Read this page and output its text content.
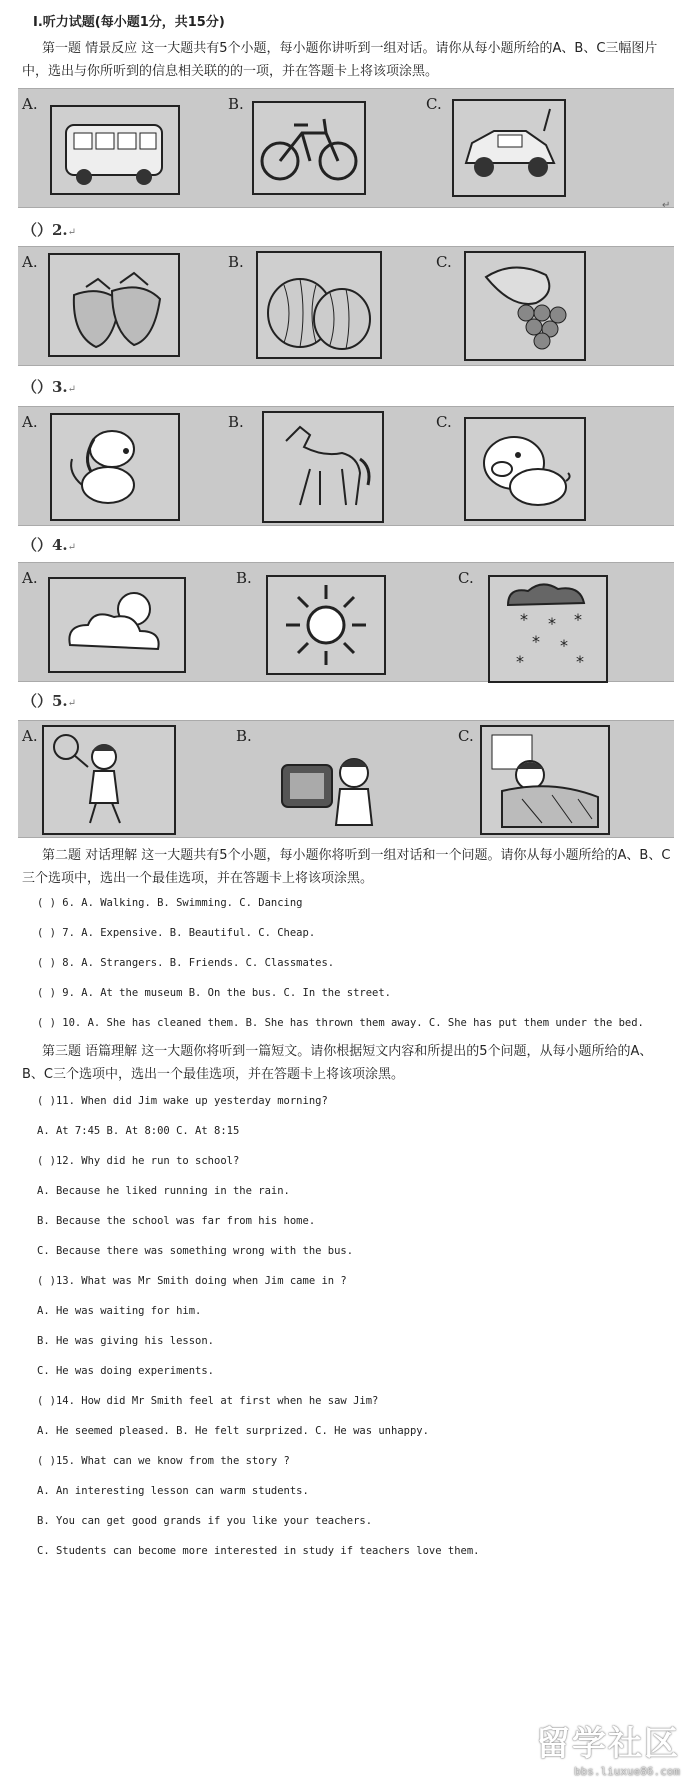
I.听力试题(每小题1分，共15分)
第一题 情景反应 这一大题共有5个小题，每小题你讲听到一组对话。请你从每小题所给的A、B、C三幅图片中，选出与你所听到的信息相关联的的一项，并在答题卡上将该项涂黑。
A.	B.	C.
↵
（）2.↵
A.	B.	C.
（）3.↵
A.	B.	C.
（）4.↵
A.	B.	C.
* * *
* *
*	*
（）5.↵
A.	B.	C.
第二题 对话理解 这一大题共有5个小题，每小题你将听到一组对话和一个问题。请你从每小题所给的A、B、C三个选项中，选出一个最佳选项，并在答题卡上将该项涂黑。
( ) 6. A. Walking. B. Swimming. C. Dancing
( ) 7. A. Expensive. B. Beautiful. C. Cheap.
( ) 8. A. Strangers. B. Friends. C. Classmates.
( ) 9. A. At the museum B. On the bus. C. In the street.
( ) 10. A. She has cleaned them. B. She has thrown them away. C. She has put them under the bed.
第三题 语篇理解 这一大题你将听到一篇短文。请你根据短文内容和所提出的5个问题，从每小题所给的A、B、C三个选项中，选出一个最佳选项，并在答题卡上将该项涂黑。
( )11. When did Jim wake up yesterday morning?
A. At 7:45 B. At 8:00 C. At 8:15
( )12. Why did he run to school?
A. Because he liked running in the rain.
B. Because the school was far from his home.
C. Because there was something wrong with the bus.
( )13. What was Mr Smith doing when Jim came in ?
A. He was waiting for him.
B. He was giving his lesson.
C. He was doing experiments.
( )14. How did Mr Smith feel at first when he saw Jim?
A. He seemed pleased. B. He felt surprized. C. He was unhappy.
( )15. What can we know from the story ?
A. An interesting lesson can warm students.
B. You can get good grands if you like your teachers.
C. Students can become more interested in study if teachers love them.
留学社区
bbs.liuxue86.com
